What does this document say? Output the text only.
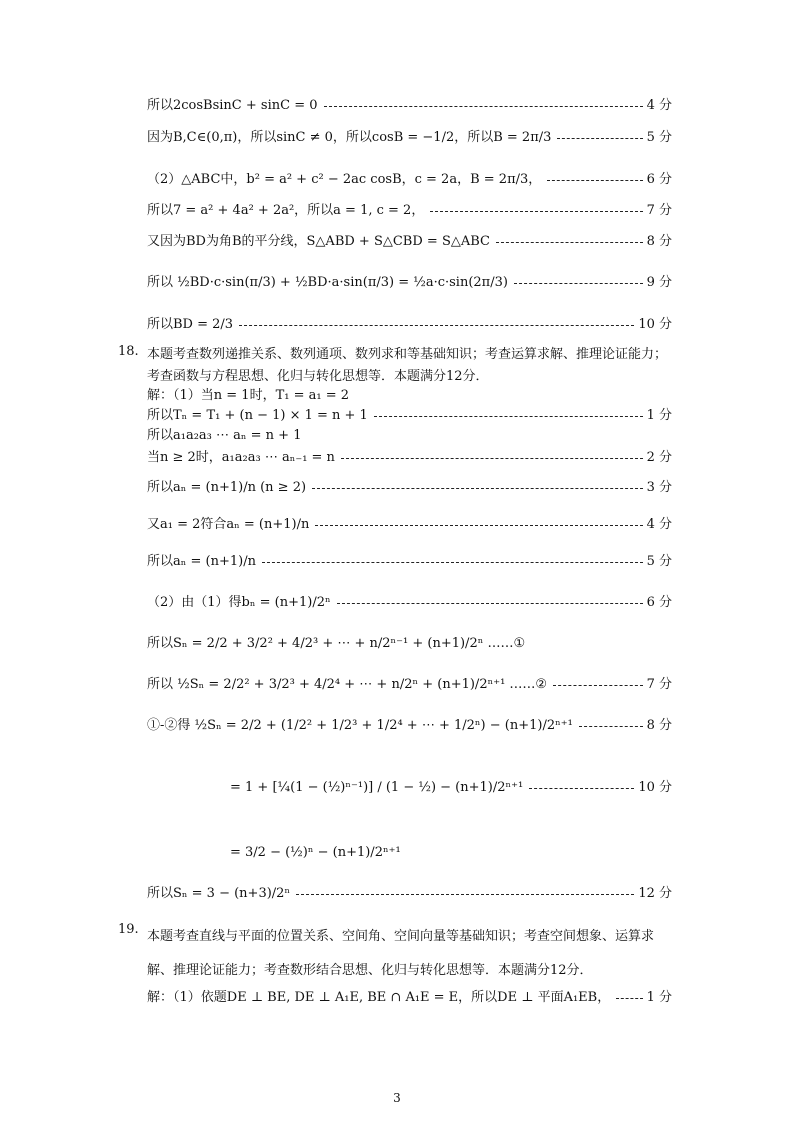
所以2cosBsinC + sinC = 0	4 分
因为B,C∈(0,π)，所以sinC ≠ 0，所以cosB = −1/2，所以B = 2π/3	5 分
（2）△ABC中，b² = a² + c² − 2ac cosB，c = 2a，B = 2π/3，	6 分
所以7 = a² + 4a² + 2a²，所以a = 1, c = 2，	7 分
又因为BD为角B的平分线，S△ABD + S△CBD = S△ABC	8 分
所以 ½BD·c·sin(π/3) + ½BD·a·sin(π/3) = ½a·c·sin(2π/3)	9 分
所以BD = 2/3	10 分
18. 本题考查数列递推关系、数列通项、数列求和等基础知识；考查运算求解、推理论证能力；考查函数与方程思想、化归与转化思想等．本题满分12分．
解：（1）当n = 1时，T₁ = a₁ = 2
所以Tₙ = T₁ + (n − 1) × 1 = n + 1	1 分
所以a₁a₂a₃ ⋯ aₙ = n + 1
当n ≥ 2时，a₁a₂a₃ ⋯ aₙ₋₁ = n	2 分
所以aₙ = (n+1)/n (n ≥ 2)	3 分
又a₁ = 2符合aₙ = (n+1)/n	4 分
所以aₙ = (n+1)/n	5 分
（2）由（1）得bₙ = (n+1)/2ⁿ	6 分
所以Sₙ = 2/2 + 3/2² + 4/2³ + ⋯ + n/2ⁿ⁻¹ + (n+1)/2ⁿ ……①
所以 ½Sₙ = 2/2² + 3/2³ + 4/2⁴ + ⋯ + n/2ⁿ + (n+1)/2ⁿ⁺¹ ……②	7 分
①-②得 ½Sₙ = 2/2 + (1/2² + 1/2³ + 1/2⁴ + ⋯ + 1/2ⁿ) − (n+1)/2ⁿ⁺¹	8 分
= 1 + [¼(1 − (½)ⁿ⁻¹)] / (1 − ½) − (n+1)/2ⁿ⁺¹	10 分
= 3/2 − (½)ⁿ − (n+1)/2ⁿ⁺¹
所以Sₙ = 3 − (n+3)/2ⁿ	12 分
19. 本题考查直线与平面的位置关系、空间角、空间向量等基础知识；考查空间想象、运算求解、推理论证能力；考查数形结合思想、化归与转化思想等．本题满分12分．
解：（1）依题DE ⊥ BE, DE ⊥ A₁E, BE ∩ A₁E = E，所以DE ⊥ 平面A₁EB，	1 分
3
